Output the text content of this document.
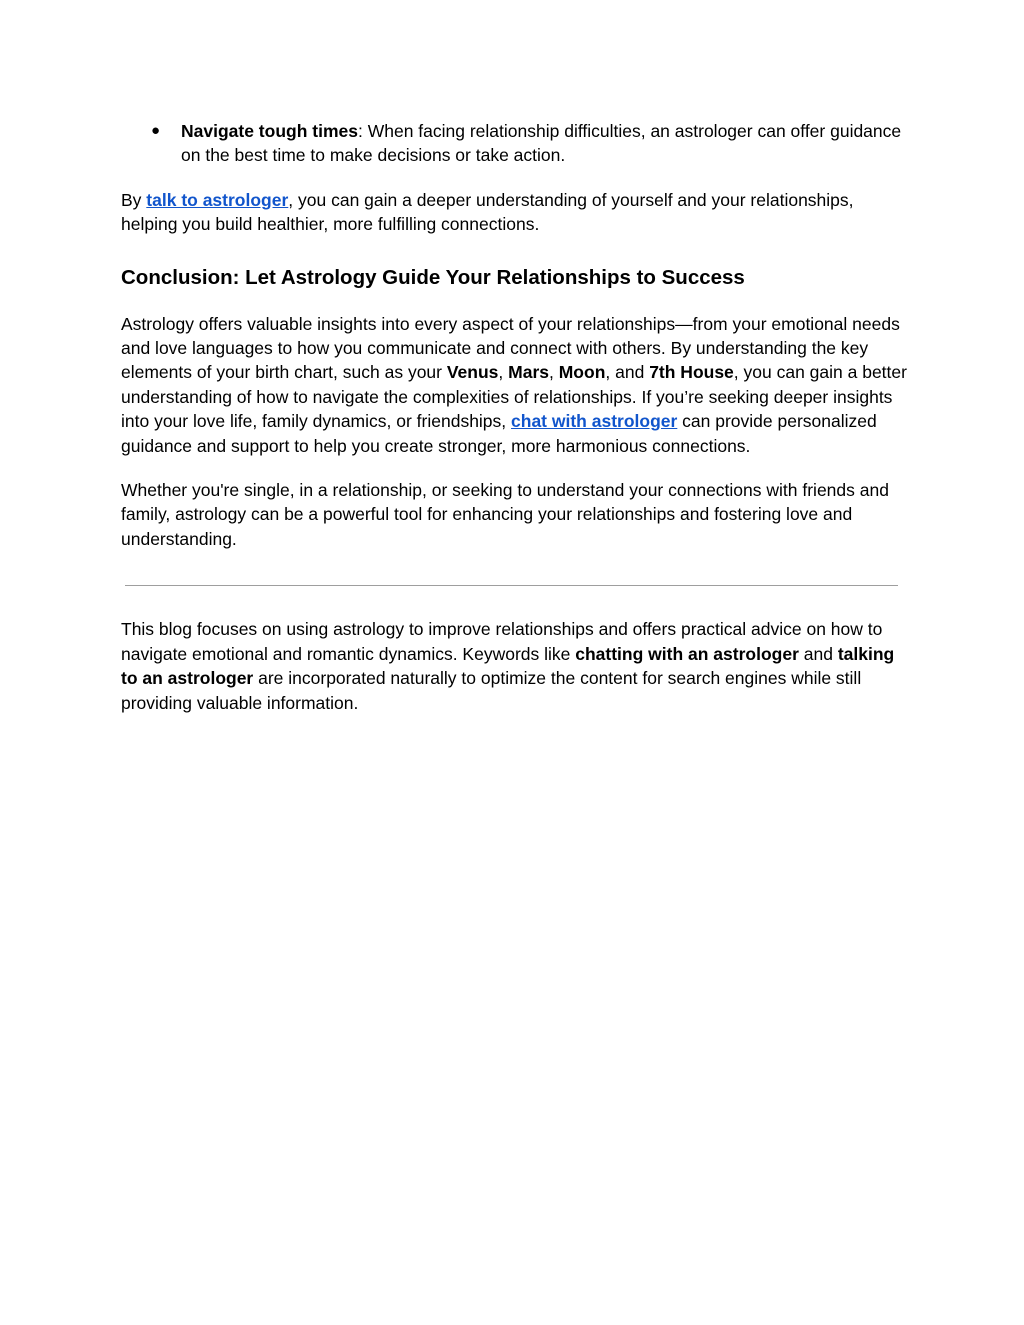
● Navigate tough times: When facing relationship difficulties, an astrologer can offer guidance on the best time to make decisions or take action.

By talk to astrologer, you can gain a deeper understanding of yourself and your relationships, helping you build healthier, more fulfilling connections.

Conclusion: Let Astrology Guide Your Relationships to Success

Astrology offers valuable insights into every aspect of your relationships—from your emotional needs and love languages to how you communicate and connect with others. By understanding the key elements of your birth chart, such as your Venus, Mars, Moon, and 7th House, you can gain a better understanding of how to navigate the complexities of relationships. If you’re seeking deeper insights into your love life, family dynamics, or friendships, chat with astrologer can provide personalized guidance and support to help you create stronger, more harmonious connections.

Whether you're single, in a relationship, or seeking to understand your connections with friends and family, astrology can be a powerful tool for enhancing your relationships and fostering love and understanding.

This blog focuses on using astrology to improve relationships and offers practical advice on how to navigate emotional and romantic dynamics. Keywords like chatting with an astrologer and talking to an astrologer are incorporated naturally to optimize the content for search engines while still providing valuable information.
